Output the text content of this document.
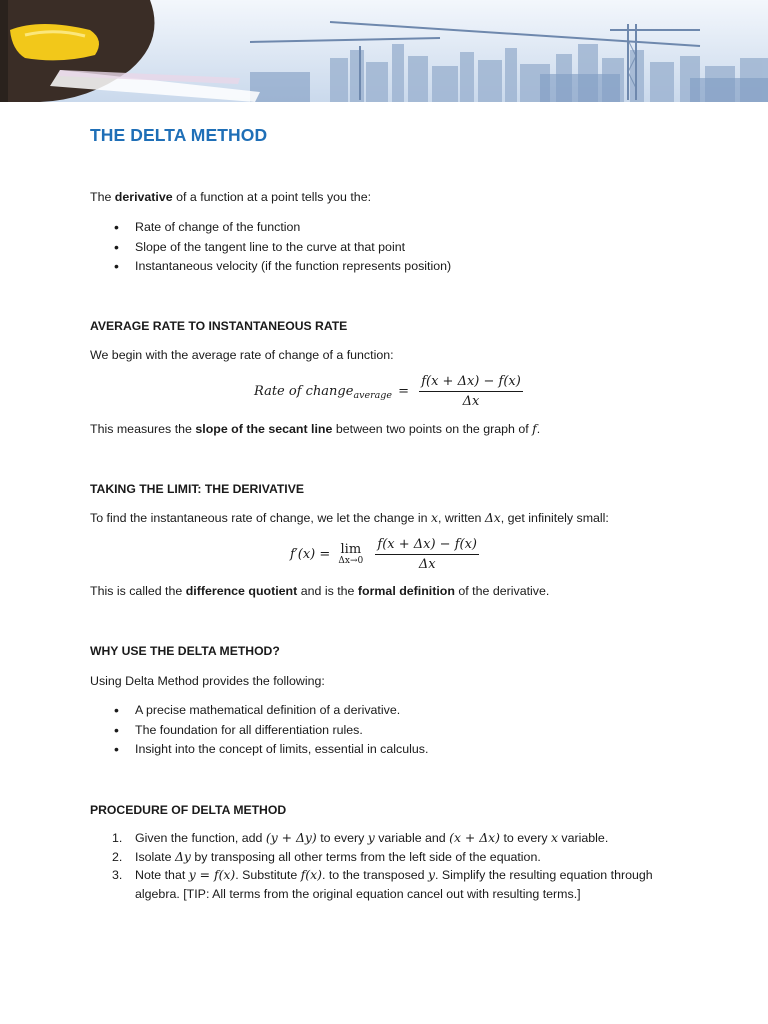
THE DELTA METHOD

The derivative of a function at a point tells you the:

• Rate of change of the function
• Slope of the tangent line to the curve at that point
• Instantaneous velocity (if the function represents position)

AVERAGE RATE TO INSTANTANEOUS RATE

We begin with the average rate of change of a function:

Rate of change$_{average}$ = $\frac{f(x + \Delta x) - f(x)}{\Delta x}$

This measures the slope of the secant line between two points on the graph of f.

TAKING THE LIMIT: THE DERIVATIVE

To find the instantaneous rate of change, we let the change in x, written Δx, get infinitely small:

f′(x) = lim
Δx→0
$\frac{f(x + \Delta x) - f(x)}{\Delta x}$

This is called the difference quotient and is the formal definition of the derivative.

WHY USE THE DELTA METHOD?

Using Delta Method provides the following:

• A precise mathematical definition of a derivative.
• The foundation for all differentiation rules.
• Insight into the concept of limits, essential in calculus.

PROCEDURE OF DELTA METHOD

1. Given the function, add (y + Δy) to every y variable and (x + Δx) to every x variable.
2. Isolate Δy by transposing all other terms from the left side of the equation.
3. Note that y = f(x). Substitute f(x). to the transposed y. Simplify the resulting equation through algebra. [TIP: All terms from the original equation cancel out with resulting terms.]
